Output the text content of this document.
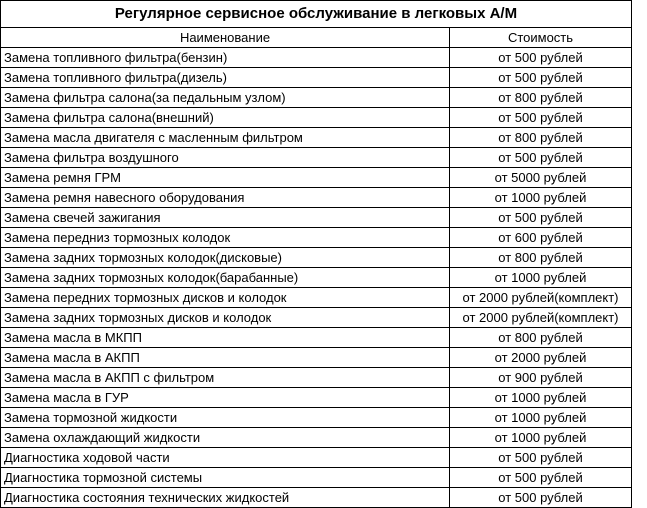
Регулярное сервисное обслуживание в легковых А/М	
Наименование	Стоимость
Замена топливного фильтра(бензин)	от 500 рублей
Замена топливного фильтра(дизель)	от 500 рублей
Замена фильтра салона(за педальным узлом)	от 800 рублей
Замена фильтра салона(внешний)	от 500 рублей
Замена масла двигателя с масленным фильтром	от 800 рублей
Замена фильтра воздушного	от 500 рублей
Замена ремня ГРМ	от 5000 рублей
Замена ремня навесного оборудования	от 1000 рублей
Замена свечей зажигания	от 500 рублей
Замена передниз тормозных колодок	от 600 рублей
Замена задних тормозных колодок(дисковые)	от 800 рублей
Замена задних тормозных колодок(барабанные)	от 1000 рублей
Замена передних тормозных дисков и колодок	от 2000 рублей(комплект)
Замена задних тормозных дисков и колодок	от 2000 рублей(комплект)
Замена масла в МКПП	от 800 рублей
Замена масла в АКПП	от 2000 рублей
Замена масла в АКПП с фильтром	от 900 рублей
Замена масла в ГУР	от 1000 рублей
Замена тормозной жидкости	от 1000 рублей
Замена охлаждающий жидкости	от 1000 рублей
Диагностика ходовой части	от 500 рублей
Диагностика тормозной системы	от 500 рублей
Диагностика состояния технических жидкостей	от 500 рублей
